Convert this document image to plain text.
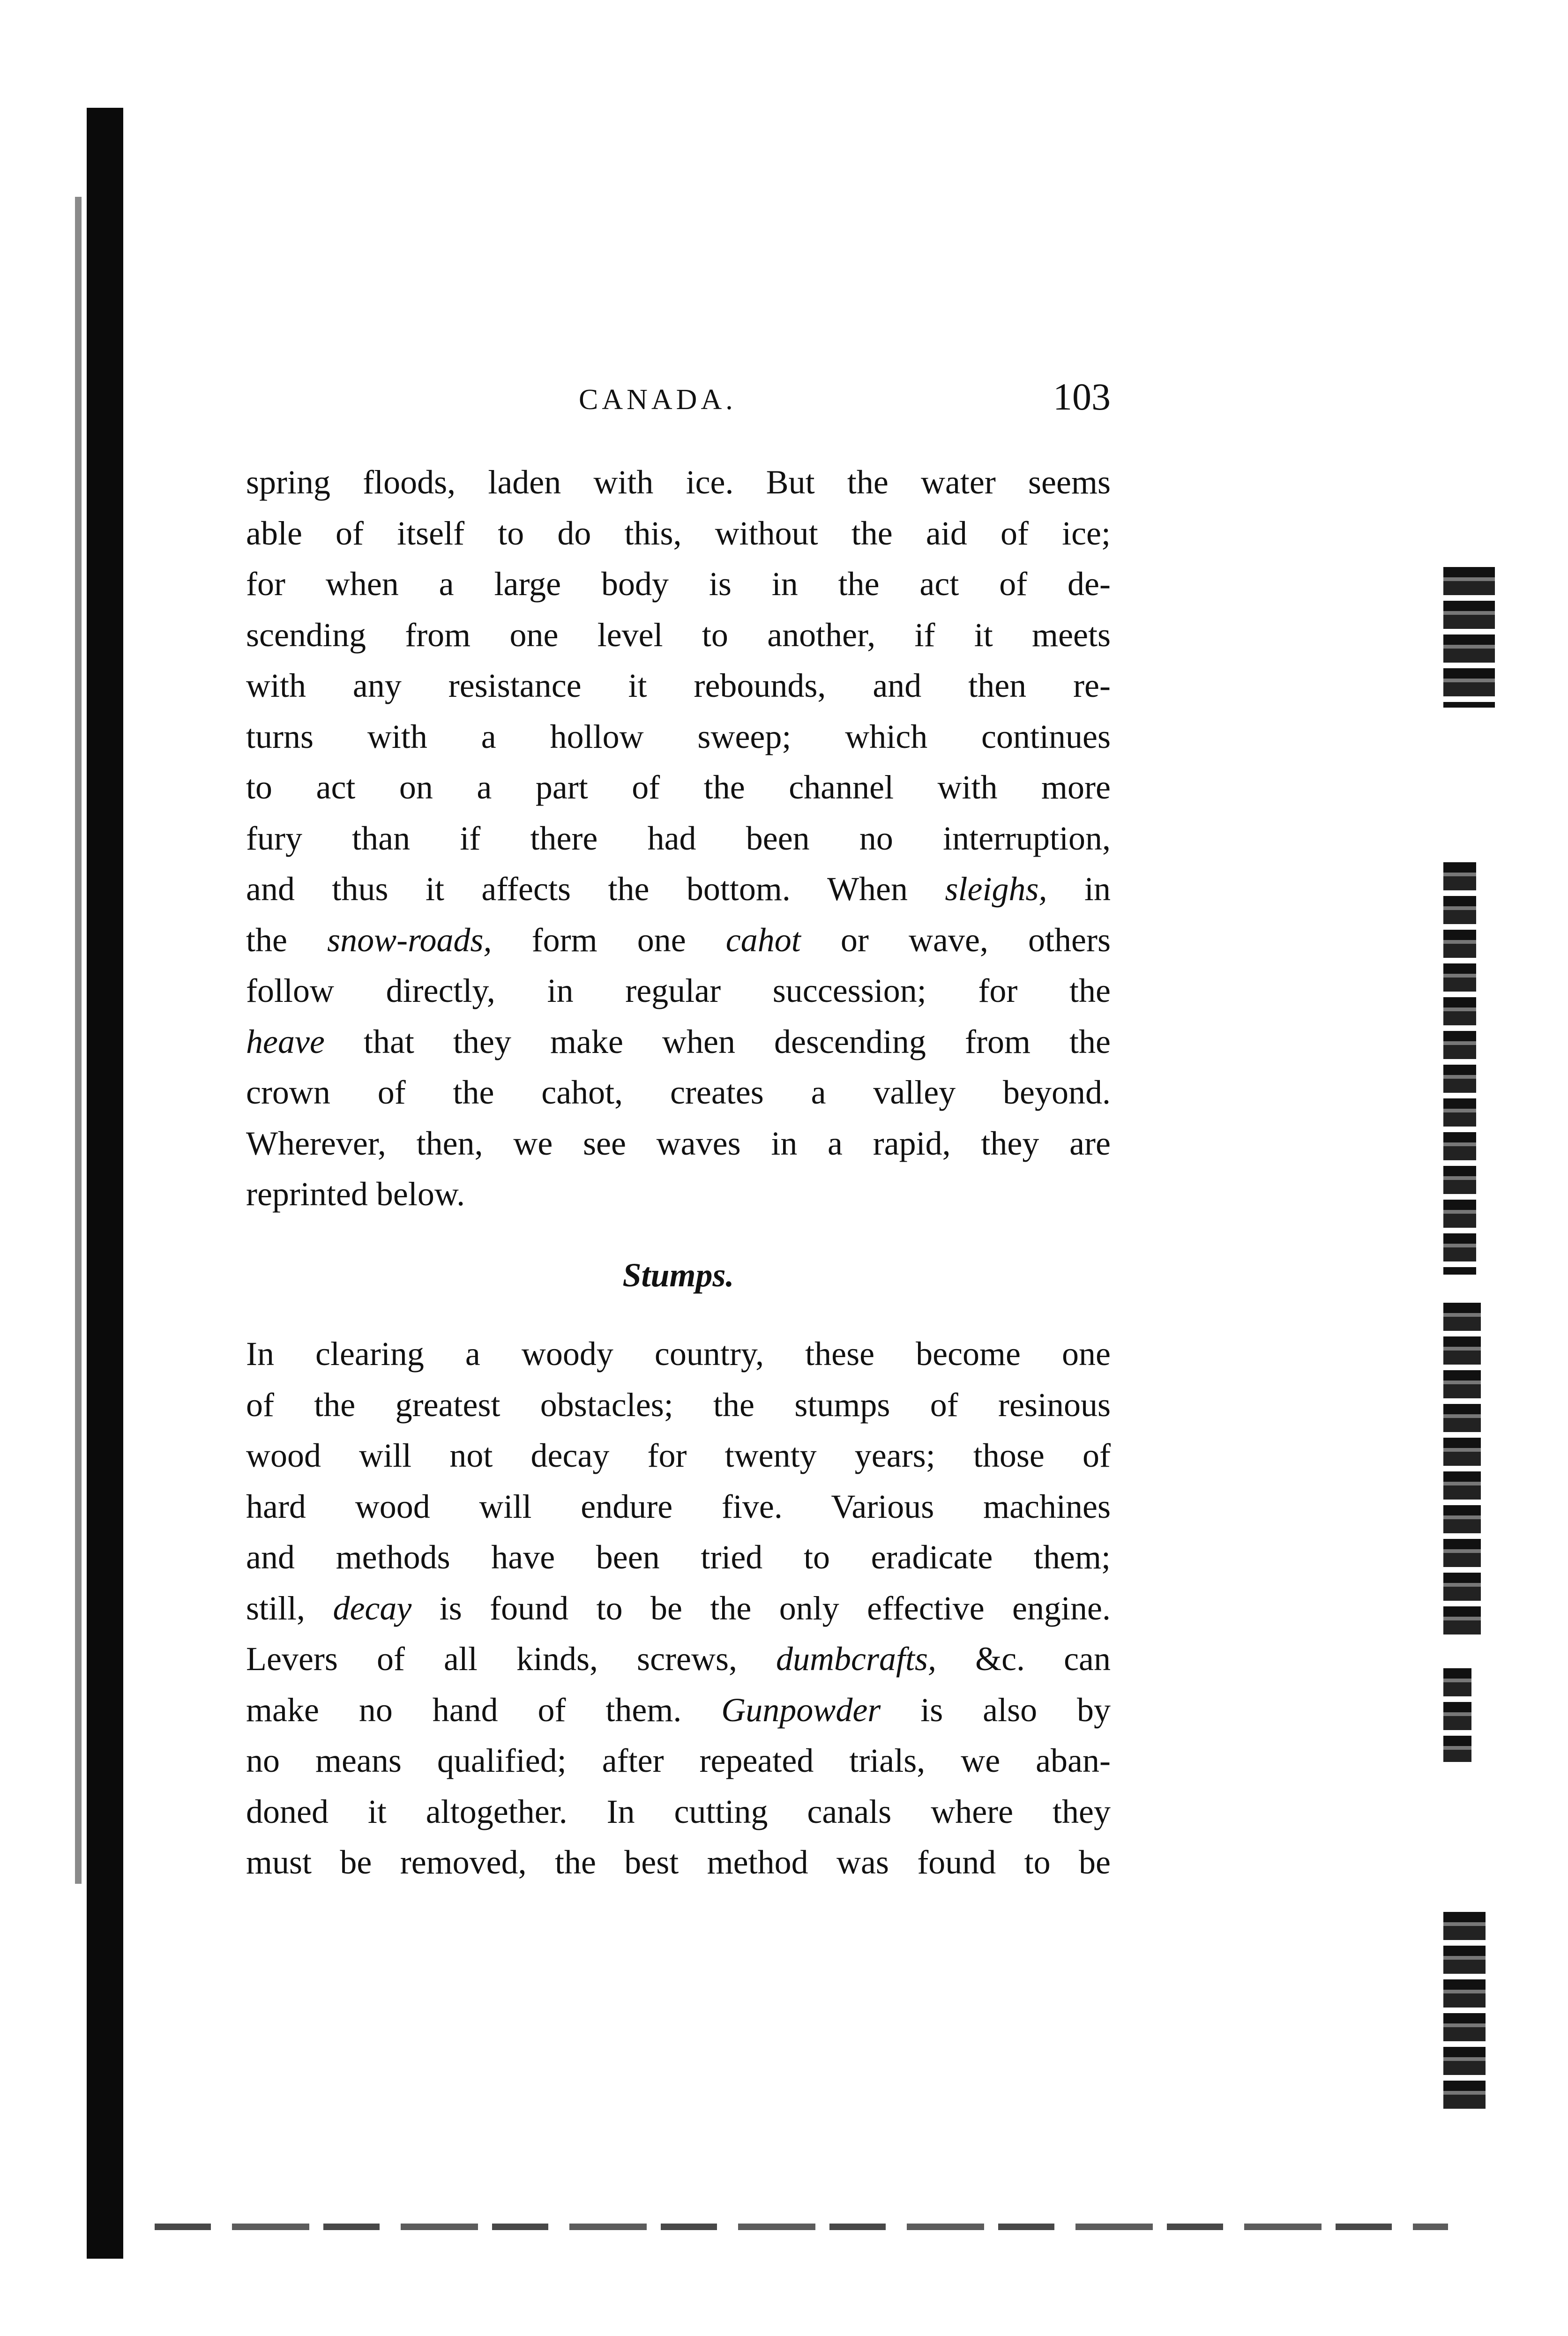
CANADA.	103

spring floods, laden with ice. But the water seems
able of itself to do this, without the aid of ice;
for when a large body is in the act of de-
scending from one level to another, if it meets
with any resistance it rebounds, and then re-
turns with a hollow sweep; which continues
to act on a part of the channel with more
fury than if there had been no interruption,
and thus it affects the bottom. When sleighs, in
the snow-roads, form one cahot or wave, others
follow directly, in regular succession; for the
heave that they make when descending from the
crown of the cahot, creates a valley beyond.
Wherever, then, we see waves in a rapid, they are
reprinted below.

Stumps.

In clearing a woody country, these become one
of the greatest obstacles; the stumps of resinous
wood will not decay for twenty years; those of
hard wood will endure five. Various machines
and methods have been tried to eradicate them;
still, decay is found to be the only effective engine.
Levers of all kinds, screws, dumbcrafts, &c. can
make no hand of them. Gunpowder is also by
no means qualified; after repeated trials, we aban-
doned it altogether. In cutting canals where they
must be removed, the best method was found to be
